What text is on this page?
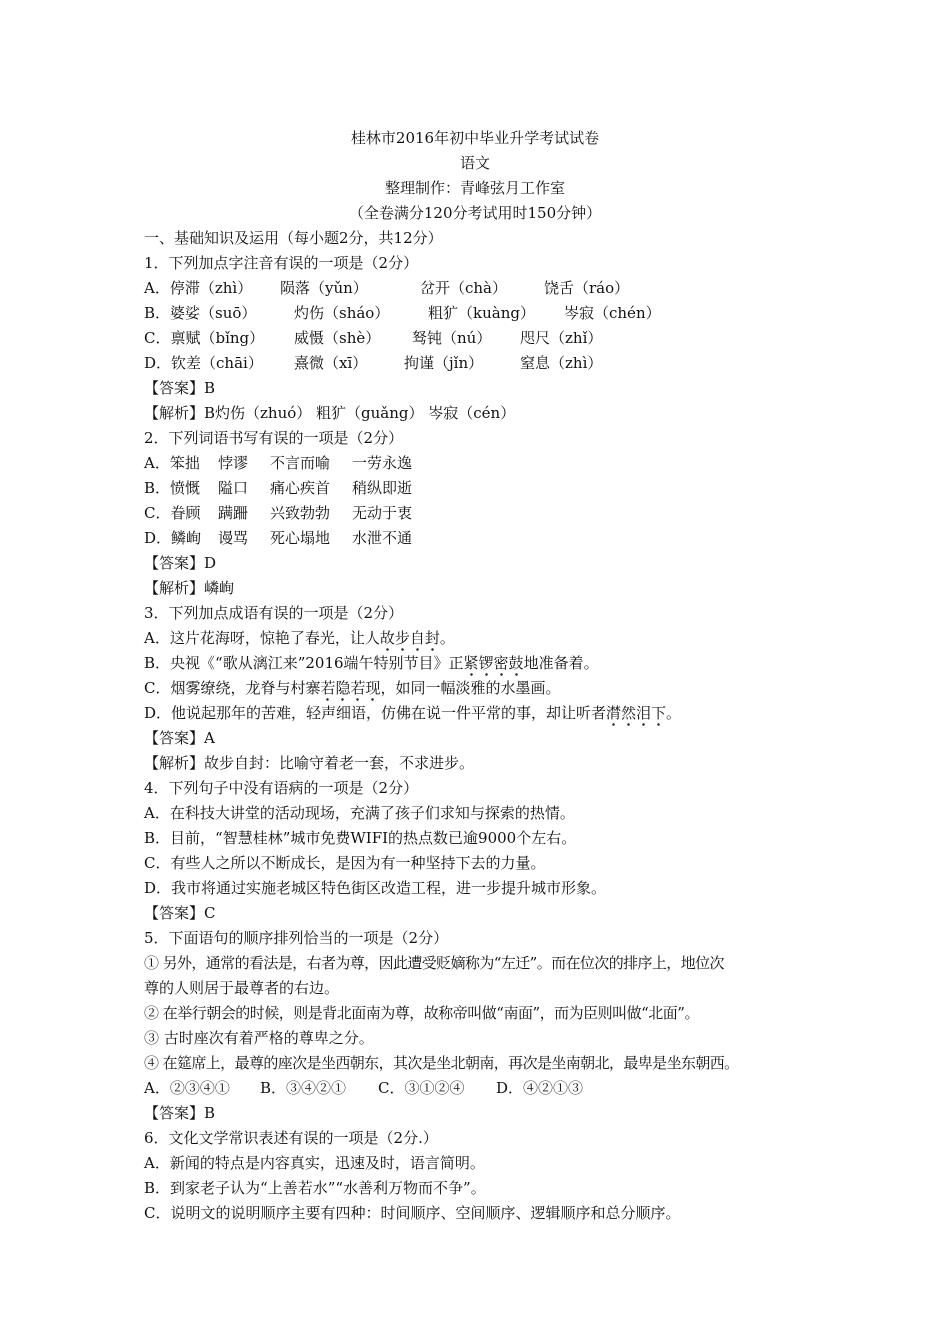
桂林市2016年初中毕业升学考试试卷
语文
整理制作：青峰弦月工作室
（全卷满分120分考试用时150分钟）
一、基础知识及运用（每小题2分，共12分）
1．下列加点字注音有误的一项是（2分）
A．停滞（zhì） 陨落（yǔn）	岔开（chà） 饶舌（ráo）
B．婆娑（suō）	灼伤（sháo）	粗犷（kuàng） 岑寂（chén）
C．禀赋（bǐng） 威慑（shè） 驽钝（nú） 咫尺（zhǐ）
D．钦差（chāi） 熹微（xī） 拘谨（jǐn） 窒息（zhì）
【答案】B
【解析】B灼伤（zhuó） 粗犷（guǎng） 岑寂（cén）
2．下列词语书写有误的一项是（2分）
A．笨拙 悖谬 不言而喻 一劳永逸
B．愤慨 隘口 痛心疾首 稍纵即逝
C．眷顾 蹒跚 兴致勃勃 无动于衷
D．鳞峋 谩骂 死心塌地 水泄不通
【答案】D
【解析】嶙峋
3．下列加点成语有误的一项是（2分）
A．这片花海呀，惊艳了春光，让人故步自封。
B．央视《“歌从漓江来”2016端午特别节目》正紧锣密鼓地准备着。
C．烟雾缭绕，龙脊与村寨若隐若现，如同一幅淡雅的水墨画。
D．他说起那年的苦难，轻声细语，仿佛在说一件平常的事，却让听者潸然泪下。
【答案】A
【解析】故步自封：比喻守着老一套，不求进步。
4．下列句子中没有语病的一项是（2分）
A．在科技大讲堂的活动现场，充满了孩子们求知与探索的热情。
B．目前，“智慧桂林”城市免费WIFI的热点数已逾9000个左右。
C．有些人之所以不断成长，是因为有一种坚持下去的力量。
D．我市将通过实施老城区特色街区改造工程，进一步提升城市形象。
【答案】C
5．下面语句的顺序排列恰当的一项是（2分）
① 另外，通常的看法是，右者为尊，因此遭受贬嫡称为“左迁”。而在位次的排序上，地位次
尊的人则居于最尊者的右边。
② 在举行朝会的时候，则是背北面南为尊，故称帝叫做“南面”，而为臣则叫做“北面”。
③ 古时座次有着严格的尊卑之分。
④ 在筵席上，最尊的座次是坐西朝东，其次是坐北朝南，再次是坐南朝北，最卑是坐东朝西。
A．②③④① B．③④②① C．③①②④ D．④②①③
【答案】B
6．文化文学常识表述有误的一项是（2分.）
A．新闻的特点是内容真实，迅速及时，语言简明。
B．到家老子认为“上善若水”“水善利万物而不争”。
C．说明文的说明顺序主要有四种：时间顺序、空间顺序、逻辑顺序和总分顺序。
